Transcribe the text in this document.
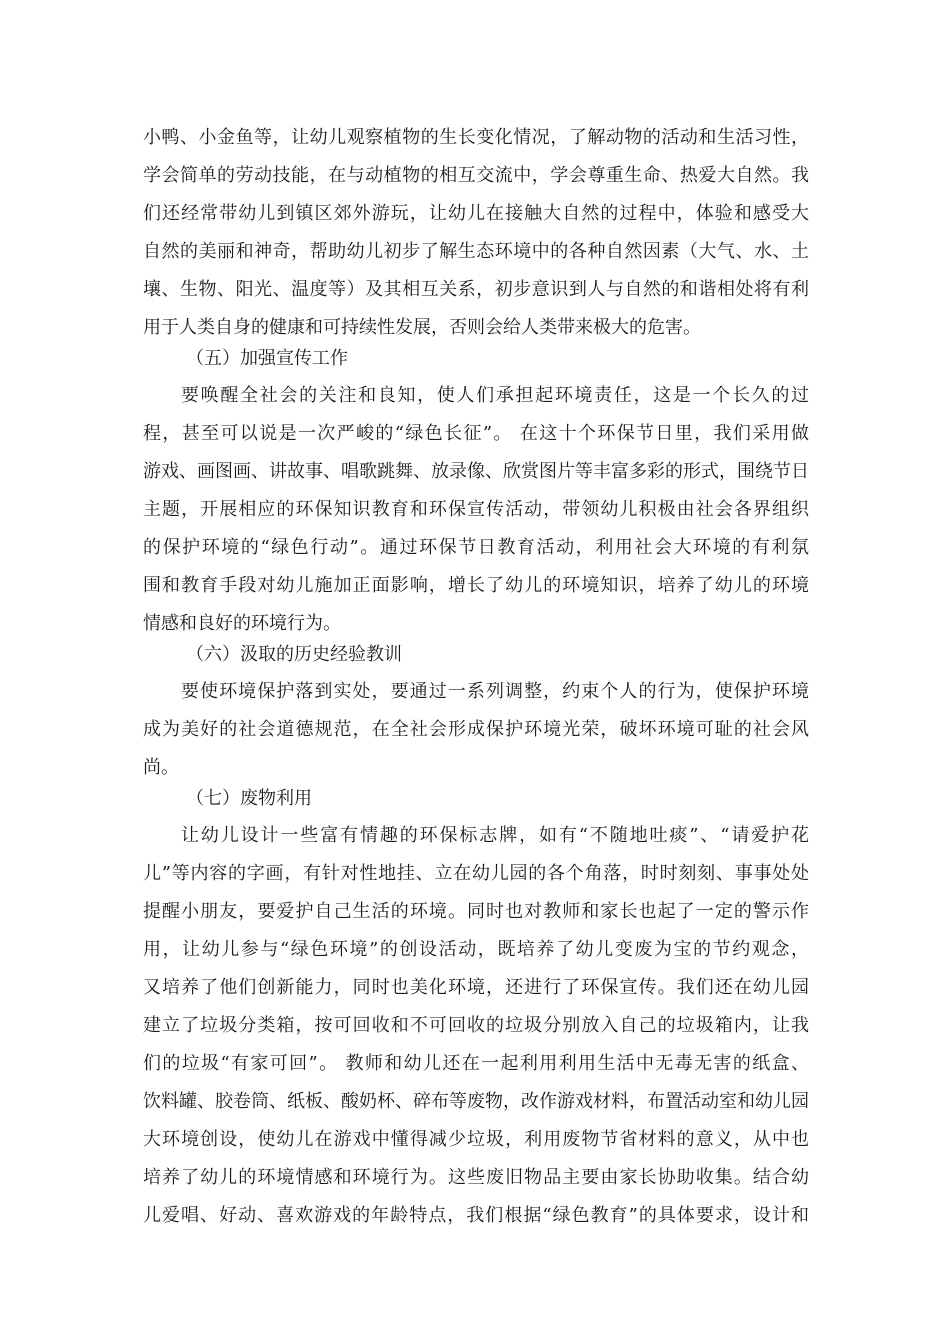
小鸭、小金鱼等，让幼儿观察植物的生长变化情况，了解动物的活动和生活习性，
学会简单的劳动技能，在与动植物的相互交流中，学会尊重生命、热爱大自然。我
们还经常带幼儿到镇区郊外游玩，让幼儿在接触大自然的过程中，体验和感受大
自然的美丽和神奇，帮助幼儿初步了解生态环境中的各种自然因素（大气、水、土
壤、生物、阳光、温度等）及其相互关系，初步意识到人与自然的和谐相处将有利
用于人类自身的健康和可持续性发展，否则会给人类带来极大的危害。
（五）加强宣传工作
要唤醒全社会的关注和良知，使人们承担起环境责任，这是一个长久的过
程，甚至可以说是一次严峻的“绿色长征”。 在这十个环保节日里，我们采用做
游戏、画图画、讲故事、唱歌跳舞、放录像、欣赏图片等丰富多彩的形式，围绕节日
主题，开展相应的环保知识教育和环保宣传活动，带领幼儿积极由社会各界组织
的保护环境的“绿色行动”。通过环保节日教育活动，利用社会大环境的有利氛
围和教育手段对幼儿施加正面影响，增长了幼儿的环境知识，培养了幼儿的环境
情感和良好的环境行为。
（六）汲取的历史经验教训
要使环境保护落到实处，要通过一系列调整，约束个人的行为，使保护环境
成为美好的社会道德规范，在全社会形成保护环境光荣，破坏环境可耻的社会风
尚。
（七）废物利用
让幼儿设计一些富有情趣的环保标志牌，如有“不随地吐痰”、“请爱护花
儿”等内容的字画，有针对性地挂、立在幼儿园的各个角落，时时刻刻、事事处处
提醒小朋友，要爱护自己生活的环境。同时也对教师和家长也起了一定的警示作
用，让幼儿参与“绿色环境”的创设活动，既培养了幼儿变废为宝的节约观念，
又培养了他们创新能力，同时也美化环境，还进行了环保宣传。我们还在幼儿园
建立了垃圾分类箱，按可回收和不可回收的垃圾分别放入自己的垃圾箱内，让我
们的垃圾“有家可回”。 教师和幼儿还在一起利用利用生活中无毒无害的纸盒、
饮料罐、胶卷筒、纸板、酸奶杯、碎布等废物，改作游戏材料，布置活动室和幼儿园
大环境创设，使幼儿在游戏中懂得减少垃圾，利用废物节省材料的意义，从中也
培养了幼儿的环境情感和环境行为。这些废旧物品主要由家长协助收集。结合幼
儿爱唱、好动、喜欢游戏的年龄特点，我们根据“绿色教育”的具体要求，设计和
